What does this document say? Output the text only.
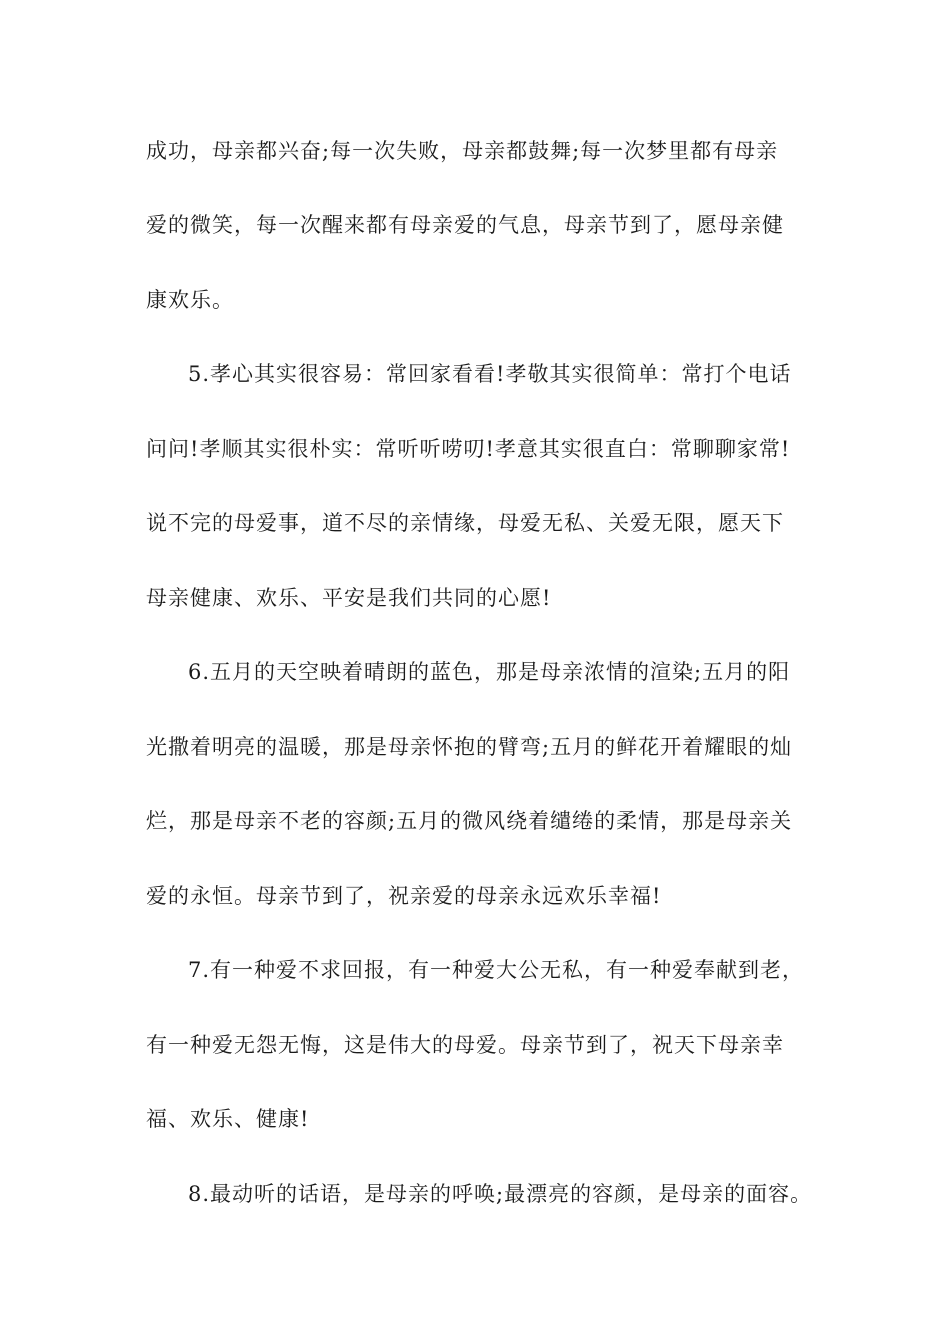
成功，母亲都兴奋;每一次失败，母亲都鼓舞;每一次梦里都有母亲
爱的微笑，每一次醒来都有母亲爱的气息，母亲节到了，愿母亲健
康欢乐。
5.孝心其实很容易：常回家看看!孝敬其实很简单：常打个电话
问问!孝顺其实很朴实：常听听唠叨!孝意其实很直白：常聊聊家常!
说不完的母爱事，道不尽的亲情缘，母爱无私、关爱无限，愿天下
母亲健康、欢乐、平安是我们共同的心愿!
6.五月的天空映着晴朗的蓝色，那是母亲浓情的渲染;五月的阳
光撒着明亮的温暖，那是母亲怀抱的臂弯;五月的鲜花开着耀眼的灿
烂，那是母亲不老的容颜;五月的微风绕着缱绻的柔情，那是母亲关
爱的永恒。母亲节到了，祝亲爱的母亲永远欢乐幸福!
7.有一种爱不求回报，有一种爱大公无私，有一种爱奉献到老，
有一种爱无怨无悔，这是伟大的母爱。母亲节到了，祝天下母亲幸
福、欢乐、健康!
8.最动听的话语，是母亲的呼唤;最漂亮的容颜，是母亲的面容。
